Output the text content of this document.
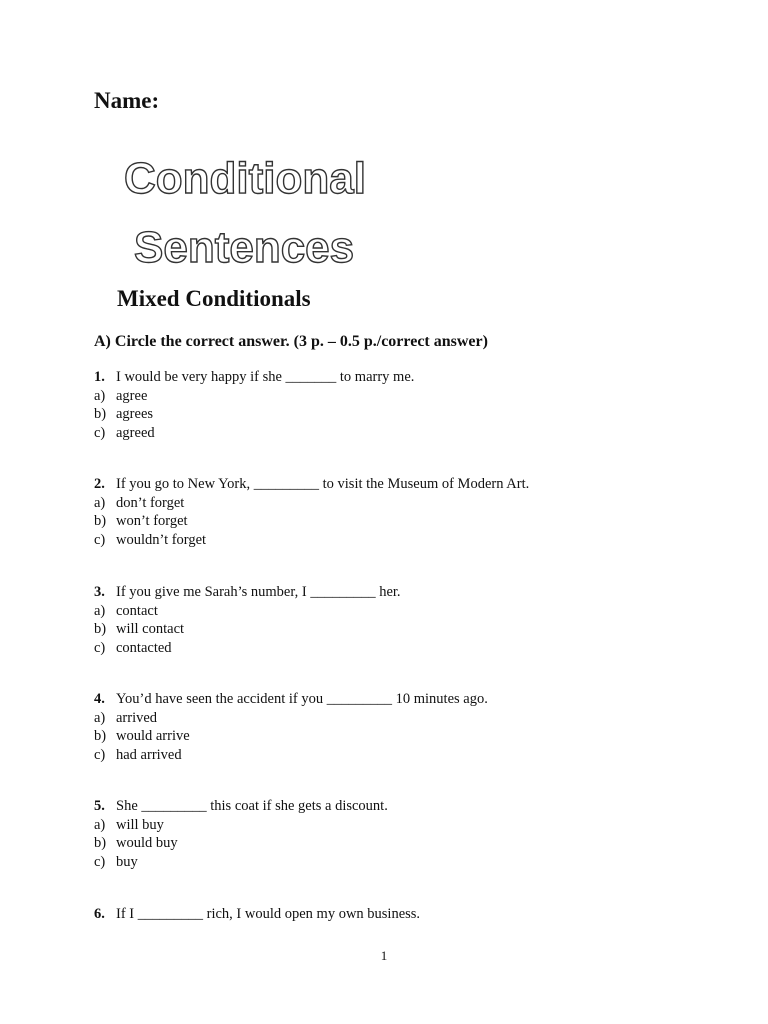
Name:

Conditional
Sentences
Mixed Conditionals

A) Circle the correct answer. (3 p. – 0.5 p./correct answer)

1. I would be very happy if she _______ to marry me.
a) agree
b) agrees
c) agreed
2. If you go to New York, _________ to visit the Museum of Modern Art.
a) don’t forget
b) won’t forget
c) wouldn’t forget
3. If you give me Sarah’s number, I _________ her.
a) contact
b) will contact
c) contacted
4. You’d have seen the accident if you _________ 10 minutes ago.
a) arrived
b) would arrive
c) had arrived
5. She _________ this coat if she gets a discount.
a) will buy
b) would buy
c) buy
6. If I _________ rich, I would open my own business.
1
